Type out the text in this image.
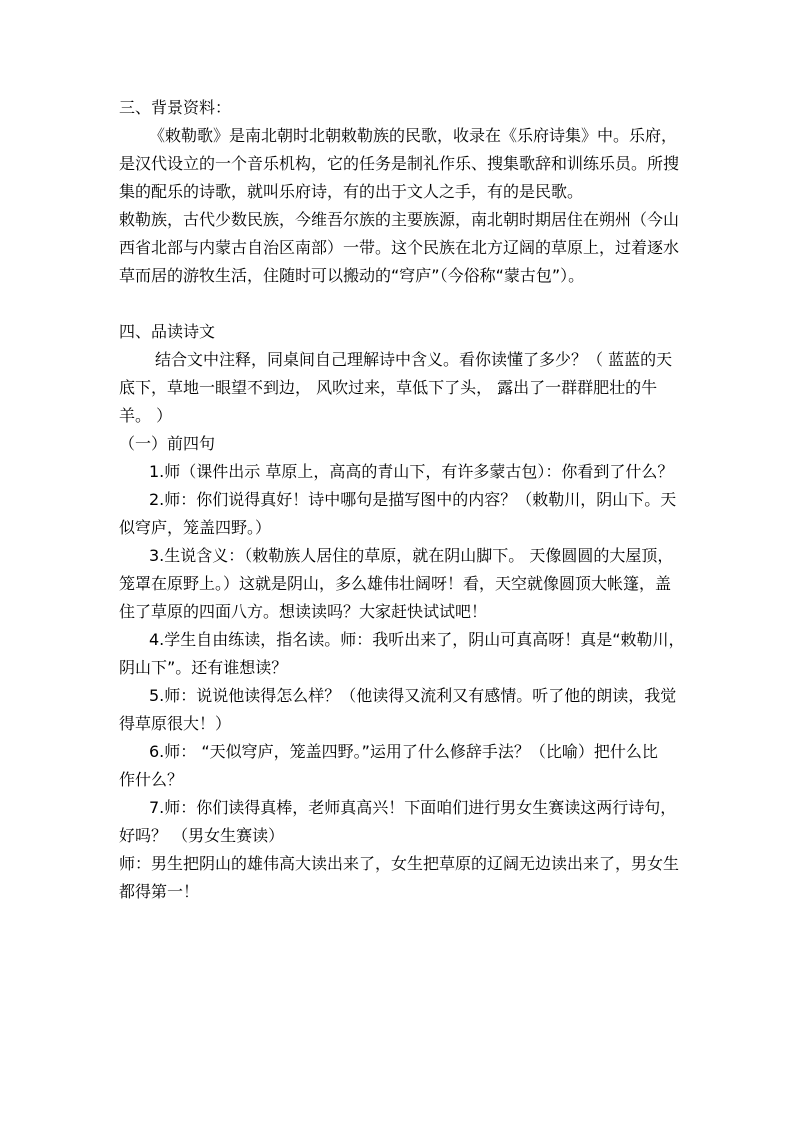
三、背景资料：
《敕勒歌》是南北朝时北朝敕勒族的民歌，收录在《乐府诗集》中。乐府，
是汉代设立的一个音乐机构，它的任务是制礼作乐、搜集歌辞和训练乐员。所搜
集的配乐的诗歌，就叫乐府诗，有的出于文人之手，有的是民歌。
敕勒族，古代少数民族，今维吾尔族的主要族源，南北朝时期居住在朔州（今山
西省北部与内蒙古自治区南部）一带。这个民族在北方辽阔的草原上，过着逐水
草而居的游牧生活，住随时可以搬动的“穹庐”（今俗称“蒙古包”）。
四、品读诗文
结合文中注释，同桌间自己理解诗中含义。看你读懂了多少？（ 蓝蓝的天
底下，草地一眼望不到边， 风吹过来，草低下了头， 露出了一群群肥壮的牛
羊。 ）
（一）前四句
1.师（课件出示 草原上，高高的青山下，有许多蒙古包）：你看到了什么？
2.师：你们说得真好！诗中哪句是描写图中的内容？（敕勒川，阴山下。天
似穹庐，笼盖四野。）
3.生说含义：（敕勒族人居住的草原，就在阴山脚下。 天像圆圆的大屋顶，
笼罩在原野上。）这就是阴山，多么雄伟壮阔呀！看，天空就像圆顶大帐篷，盖
住了草原的四面八方。想读读吗？大家赶快试试吧！
4.学生自由练读，指名读。师：我听出来了，阴山可真高呀！真是“敕勒川，
阴山下”。还有谁想读？
5.师：说说他读得怎么样？（他读得又流利又有感情。听了他的朗读，我觉
得草原很大！）
6.师： “天似穹庐，笼盖四野。”运用了什么修辞手法？（比喻）把什么比
作什么？
7.师：你们读得真棒，老师真高兴！下面咱们进行男女生赛读这两行诗句，
好吗？ （男女生赛读）
师：男生把阴山的雄伟高大读出来了，女生把草原的辽阔无边读出来了，男女生
都得第一！
